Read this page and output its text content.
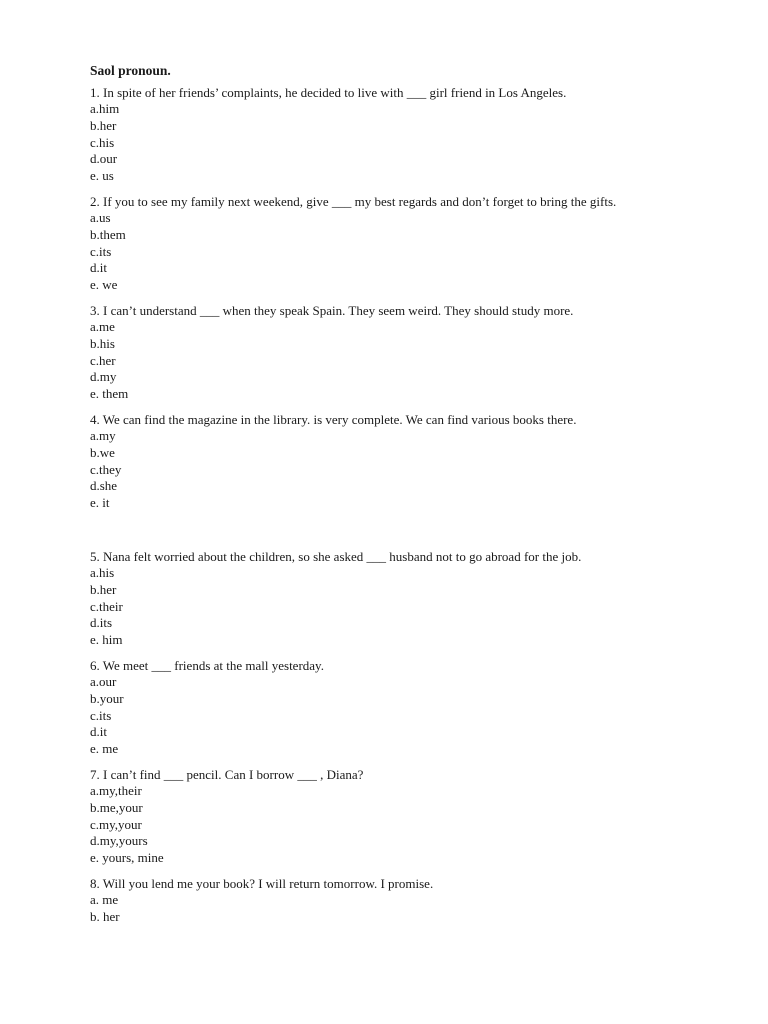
Saol pronoun.

1. In spite of her friends’ complaints, he decided to live with ___ girl friend in Los Angeles.

a.him

b.her

c.his

d.our

e. us

2. If you to see my family next weekend, give ___ my best regards and don’t forget to bring the gifts.

a.us

b.them

c.its

d.it

e. we

3. I can’t understand ___ when they speak Spain. They seem weird. They should study more.

a.me

b.his

c.her

d.my

e. them

4. We can find the magazine in the library. is very complete. We can find various books there.

a.my

b.we

c.they

d.she

e. it

5. Nana felt worried about the children, so she asked ___ husband not to go abroad for the job.

a.his

b.her

c.their

d.its

e. him

6. We meet ___ friends at the mall yesterday.

a.our

b.your

c.its

d.it

e. me

7. I can’t find ___ pencil. Can I borrow ___ , Diana?

a.my,their

b.me,your

c.my,your

d.my,yours

e. yours, mine

8. Will you lend me your book? I will return tomorrow. I promise.

a. me

b. her
